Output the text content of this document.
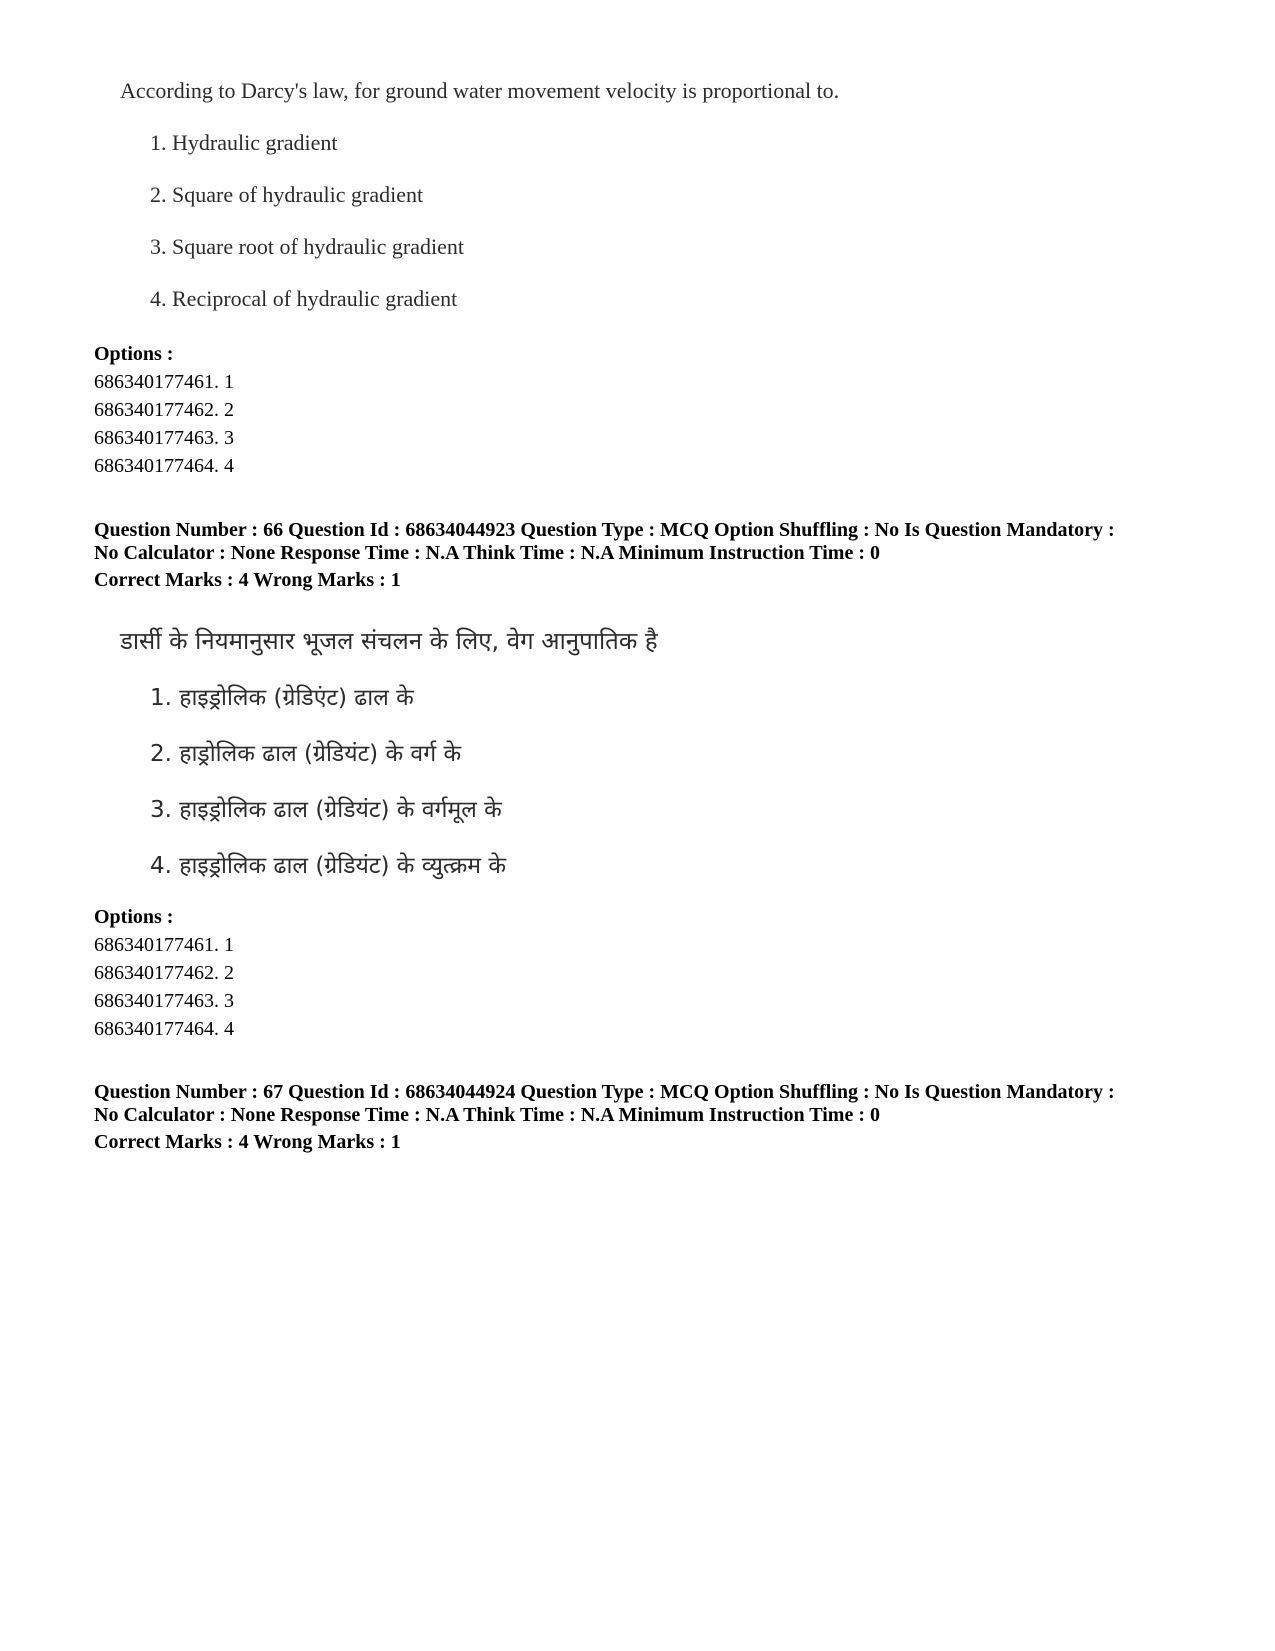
According to Darcy's law, for ground water movement velocity is proportional to.
1. Hydraulic gradient
2. Square of hydraulic gradient
3. Square root of hydraulic gradient
4. Reciprocal of hydraulic gradient
Options :
686340177461. 1
686340177462. 2
686340177463. 3
686340177464. 4
Question Number : 66 Question Id : 68634044923 Question Type : MCQ Option Shuffling : No Is Question Mandatory :
No Calculator : None Response Time : N.A Think Time : N.A Minimum Instruction Time : 0
Correct Marks : 4 Wrong Marks : 1
डार्सी के नियमानुसार भूजल संचलन के लिए, वेग आनुपातिक है
1. हाइड्रोलिक (ग्रेडिएंट) ढाल के
2. हाड्रोलिक ढाल (ग्रेडियंट) के वर्ग के
3. हाइड्रोलिक ढाल (ग्रेडियंट) के वर्गमूल के
4. हाइड्रोलिक ढाल (ग्रेडियंट) के व्युत्क्रम के
Options :
686340177461. 1
686340177462. 2
686340177463. 3
686340177464. 4
Question Number : 67 Question Id : 68634044924 Question Type : MCQ Option Shuffling : No Is Question Mandatory :
No Calculator : None Response Time : N.A Think Time : N.A Minimum Instruction Time : 0
Correct Marks : 4 Wrong Marks : 1
